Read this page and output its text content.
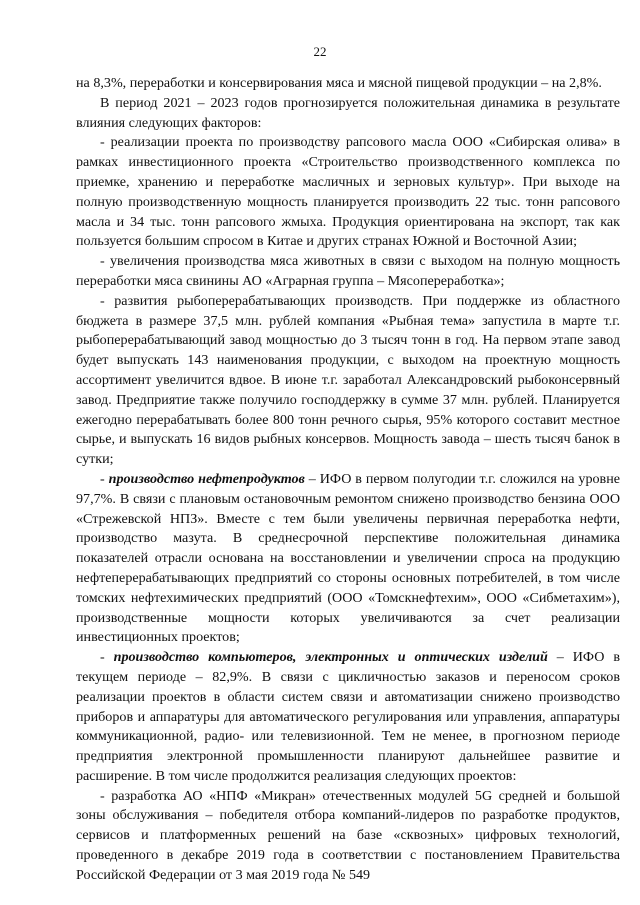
22

на 8,3%, переработки и консервирования мяса и мясной пищевой продукции – на 2,8%.

В период 2021 – 2023 годов прогнозируется положительная динамика в результате влияния следующих факторов:

- реализации проекта по производству рапсового масла ООО «Сибирская олива» в рамках инвестиционного проекта «Строительство производственного комплекса по приемке, хранению и переработке масличных и зерновых культур». При выходе на полную производственную мощность планируется производить 22 тыс. тонн рапсового масла и 34 тыс. тонн рапсового жмыха. Продукция ориентирована на экспорт, так как пользуется большим спросом в Китае и других странах Южной и Восточной Азии;

- увеличения производства мяса животных в связи с выходом на полную мощность переработки мяса свинины АО «Аграрная группа – Мясопереработка»;

- развития рыбоперерабатывающих производств. При поддержке из областного бюджета в размере 37,5 млн. рублей компания «Рыбная тема» запустила в марте т.г. рыбоперерабатывающий завод мощностью до 3 тысяч тонн в год. На первом этапе завод будет выпускать 143 наименования продукции, с выходом на проектную мощность ассортимент увеличится вдвое. В июне т.г. заработал Александровский рыбоконсервный завод. Предприятие также получило господдержку в сумме 37 млн. рублей. Планируется ежегодно перерабатывать более 800 тонн речного сырья, 95% которого составит местное сырье, и выпускать 16 видов рыбных консервов. Мощность завода – шесть тысяч банок в сутки;

- производство нефтепродуктов – ИФО в первом полугодии т.г. сложился на уровне 97,7%. В связи с плановым остановочным ремонтом снижено производство бензина ООО «Стрежевской НПЗ». Вместе с тем были увеличены первичная переработка нефти, производство мазута. В среднесрочной перспективе положительная динамика показателей отрасли основана на восстановлении и увеличении спроса на продукцию нефтеперерабатывающих предприятий со стороны основных потребителей, в том числе томских нефтехимических предприятий (ООО «Томскнефтехим», ООО «Сибметахим»), производственные мощности которых увеличиваются за счет реализации инвестиционных проектов;

- производство компьютеров, электронных и оптических изделий – ИФО в текущем периоде – 82,9%. В связи с цикличностью заказов и переносом сроков реализации проектов в области систем связи и автоматизации снижено производство приборов и аппаратуры для автоматического регулирования или управления, аппаратуры коммуникационной, радио- или телевизионной. Тем не менее, в прогнозном периоде предприятия электронной промышленности планируют дальнейшее развитие и расширение. В том числе продолжится реализация следующих проектов:

- разработка АО «НПФ «Микран» отечественных модулей 5G средней и большой зоны обслуживания – победителя отбора компаний-лидеров по разработке продуктов, сервисов и платформенных решений на базе «сквозных» цифровых технологий, проведенного в декабре 2019 года в соответствии с постановлением Правительства Российской Федерации от 3 мая 2019 года № 549
